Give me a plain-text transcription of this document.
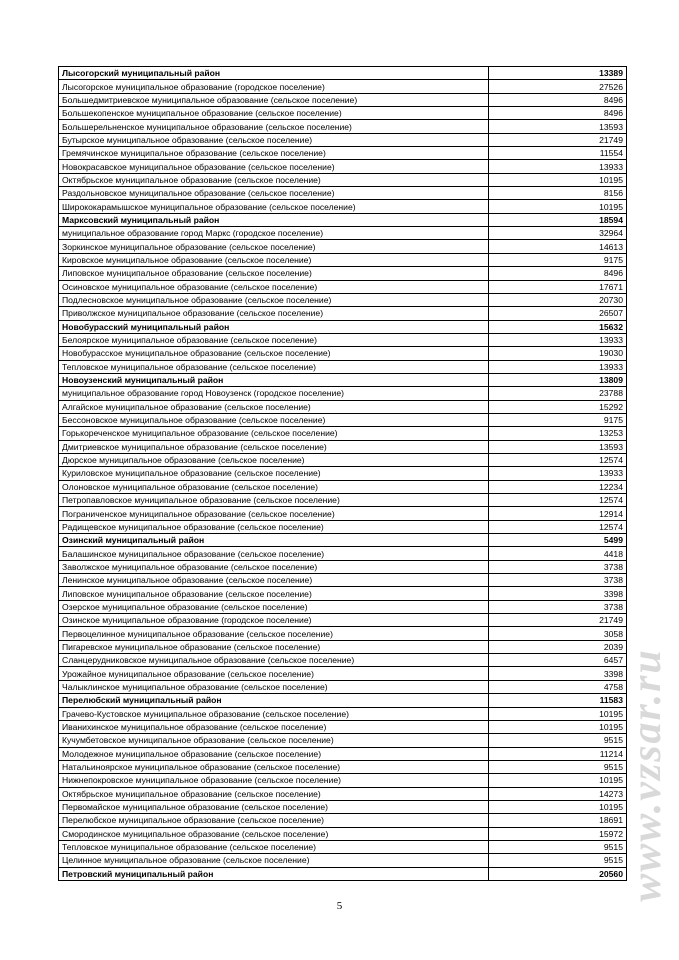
Лысогорский муниципальный район	13389
Лысогорское муниципальное образование (городское поселение)	27526
Большедмитриевское муниципальное образование (сельское поселение)	8496
Большекопенское муниципальное образование (сельское поселение)	8496
Большерельненское муниципальное образование (сельское поселение)	13593
Бутырское муниципальное образование (сельское поселение)	21749
Гремячинское муниципальное образование (сельское поселение)	11554
Новокрасавское муниципальное образование (сельское поселение)	13933
Октябрьское муниципальное образование (сельское поселение)	10195
Раздольновское муниципальное образование (сельское поселение)	8156
Ширококарамышское муниципальное образование (сельское поселение)	10195
Марксовский муниципальный район	18594
муниципальное образование город Маркс (городское поселение)	32964
Зоркинское муниципальное образование (сельское поселение)	14613
Кировское муниципальное образование (сельское поселение)	9175
Липовское муниципальное образование (сельское поселение)	8496
Осиновское муниципальное образование (сельское поселение)	17671
Подлесновское муниципальное образование (сельское поселение)	20730
Приволжское муниципальное образование (сельское поселение)	26507
Новобурасский муниципальный район	15632
Белоярское муниципальное образование (сельское поселение)	13933
Новобурасское муниципальное образование (сельское поселение)	19030
Тепловское муниципальное образование (сельское поселение)	13933
Новоузенский муниципальный район	13809
муниципальное образование город Новоузенск (городское поселение)	23788
Алгайское муниципальное образование (сельское поселение)	15292
Бессоновское муниципальное образование (сельское поселение)	9175
Горькореченское муниципальное образование (сельское поселение)	13253
Дмитриевское муниципальное образование (сельское поселение)	13593
Дюрское муниципальное образование (сельское поселение)	12574
Куриловское муниципальное образование (сельское поселение)	13933
Олоновское муниципальное образование (сельское поселение)	12234
Петропавловское муниципальное образование (сельское поселение)	12574
Пограниченское муниципальное образование (сельское поселение)	12914
Радищевское муниципальное образование (сельское поселение)	12574
Озинский муниципальный район	5499
Балашинское муниципальное образование (сельское поселение)	4418
Заволжское муниципальное образование (сельское поселение)	3738
Ленинское муниципальное образование (сельское поселение)	3738
Липовское муниципальное образование (сельское поселение)	3398
Озерское муниципальное образование (сельское поселение)	3738
Озинское муниципальное образование (городское поселение)	21749
Первоцелинное муниципальное образование (сельское поселение)	3058
Пигаревское муниципальное образование (сельское поселение)	2039
Сланцерудниковское муниципальное образование (сельское поселение)	6457
Урожайное муниципальное образование (сельское поселение)	3398
Чалыклинское муниципальное образование (сельское поселение)	4758
Перелюбский муниципальный район	11583
Грачево-Кустовское муниципальное образование (сельское поселение)	10195
Иванихинское муниципальное образование (сельское поселение)	10195
Кучумбетовское муниципальное образование (сельское поселение)	9515
Молодежное муниципальное образование (сельское поселение)	11214
Натальиноярское муниципальное образование (сельское поселение)	9515
Нижнепокровское муниципальное образование (сельское поселение)	10195
Октябрьское муниципальное образование (сельское поселение)	14273
Первомайское муниципальное образование (сельское поселение)	10195
Перелюбское муниципальное образование (сельское поселение)	18691
Смородинское муниципальное образование (сельское поселение)	15972
Тепловское муниципальное образование (сельское поселение)	9515
Целинное муниципальное образование (сельское поселение)	9515
Петровский муниципальный район	20560
5
www.vzsar.ru
